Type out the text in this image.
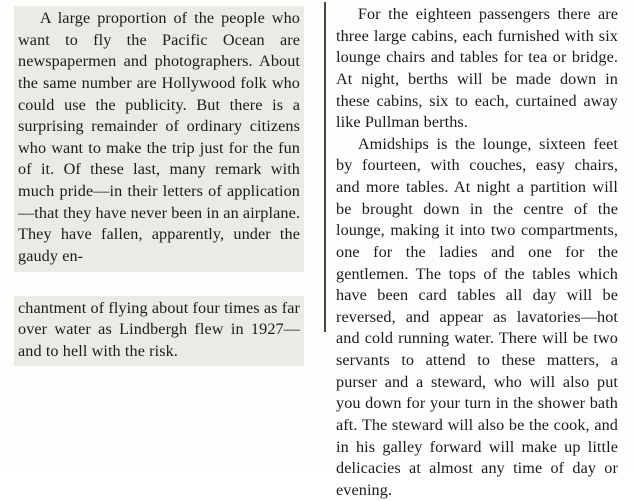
A large proportion of the people who want to fly the Pacific Ocean are newspapermen and photographers. About the same number are Hollywood folk who could use the publicity. But there is a surprising remainder of ordinary citizens who want to make the trip just for the fun of it. Of these last, many remark with much pride—in their letters of application—that they have never been in an airplane. They have fallen, apparently, under the gaudy en-

chantment of flying about four times as far over water as Lindbergh flew in 1927—and to hell with the risk.

For the eighteen passengers there are three large cabins, each furnished with six lounge chairs and tables for tea or bridge. At night, berths will be made down in these cabins, six to each, curtained away like Pullman berths.

Amidships is the lounge, sixteen feet by fourteen, with couches, easy chairs, and more tables. At night a partition will be brought down in the centre of the lounge, making it into two compartments, one for the ladies and one for the gentlemen. The tops of the tables which have been card tables all day will be reversed, and appear as lavatories—hot and cold running water. There will be two servants to attend to these matters, a purser and a steward, who will also put you down for your turn in the shower bath aft. The steward will also be the cook, and in his galley forward will make up little delicacies at almost any time of day or evening.
